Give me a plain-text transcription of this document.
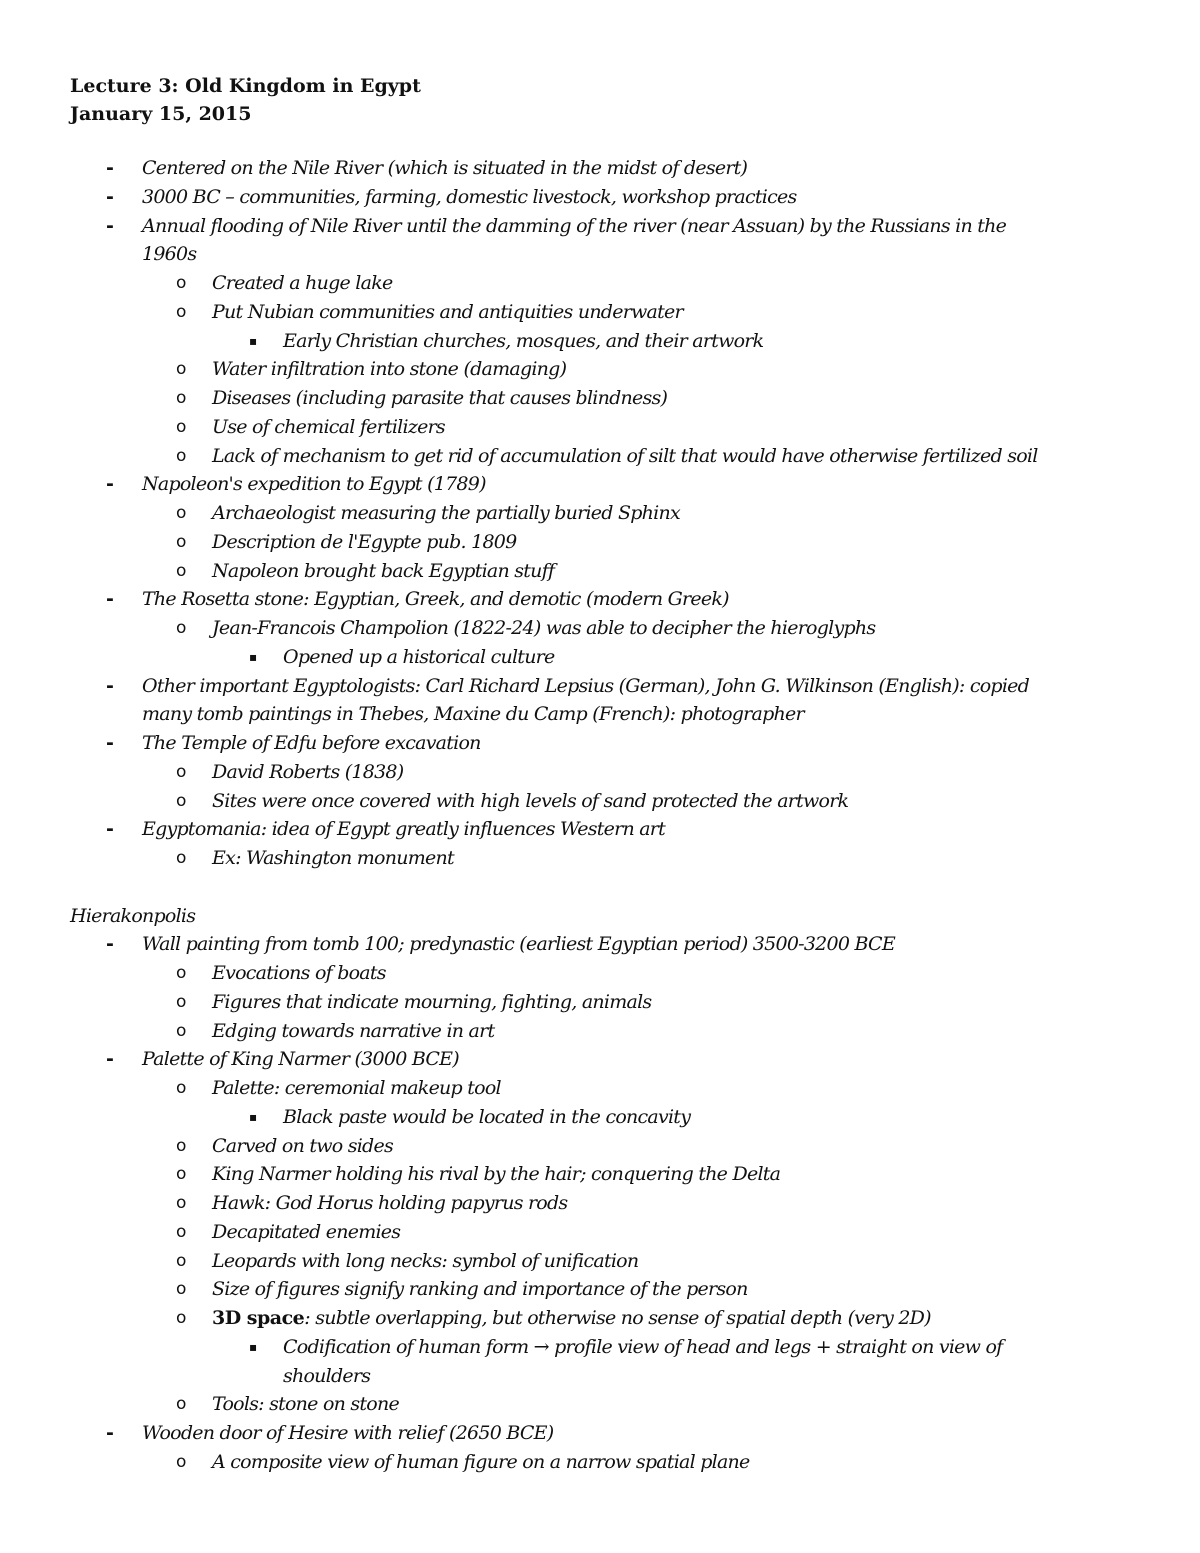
Lecture 3: Old Kingdom in Egypt
January 15, 2015
- Centered on the Nile River (which is situated in the midst of desert)
- 3000 BC – communities, farming, domestic livestock, workshop practices
- Annual flooding of Nile River until the damming of the river (near Assuan) by the Russians in the
1960s
o Created a huge lake
o Put Nubian communities and antiquities underwater
▪ Early Christian churches, mosques, and their artwork
o Water infiltration into stone (damaging)
o Diseases (including parasite that causes blindness)
o Use of chemical fertilizers
o Lack of mechanism to get rid of accumulation of silt that would have otherwise fertilized soil
- Napoleon's expedition to Egypt (1789)
o Archaeologist measuring the partially buried Sphinx
o Description de l'Egypte pub. 1809
o Napoleon brought back Egyptian stuff
- The Rosetta stone: Egyptian, Greek, and demotic (modern Greek)
o Jean-Francois Champolion (1822-24) was able to decipher the hieroglyphs
▪ Opened up a historical culture
- Other important Egyptologists: Carl Richard Lepsius (German), John G. Wilkinson (English): copied
many tomb paintings in Thebes, Maxine du Camp (French): photographer
- The Temple of Edfu before excavation
o David Roberts (1838)
o Sites were once covered with high levels of sand protected the artwork
- Egyptomania: idea of Egypt greatly influences Western art
o Ex: Washington monument
Hierakonpolis
- Wall painting from tomb 100; predynastic (earliest Egyptian period) 3500-3200 BCE
o Evocations of boats
o Figures that indicate mourning, fighting, animals
o Edging towards narrative in art
- Palette of King Narmer (3000 BCE)
o Palette: ceremonial makeup tool
▪ Black paste would be located in the concavity
o Carved on two sides
o King Narmer holding his rival by the hair; conquering the Delta
o Hawk: God Horus holding papyrus rods
o Decapitated enemies
o Leopards with long necks: symbol of unification
o Size of figures signify ranking and importance of the person
o 3D space: subtle overlapping, but otherwise no sense of spatial depth (very 2D)
▪ Codification of human form → profile view of head and legs + straight on view of
shoulders
o Tools: stone on stone
- Wooden door of Hesire with relief (2650 BCE)
o A composite view of human figure on a narrow spatial plane
